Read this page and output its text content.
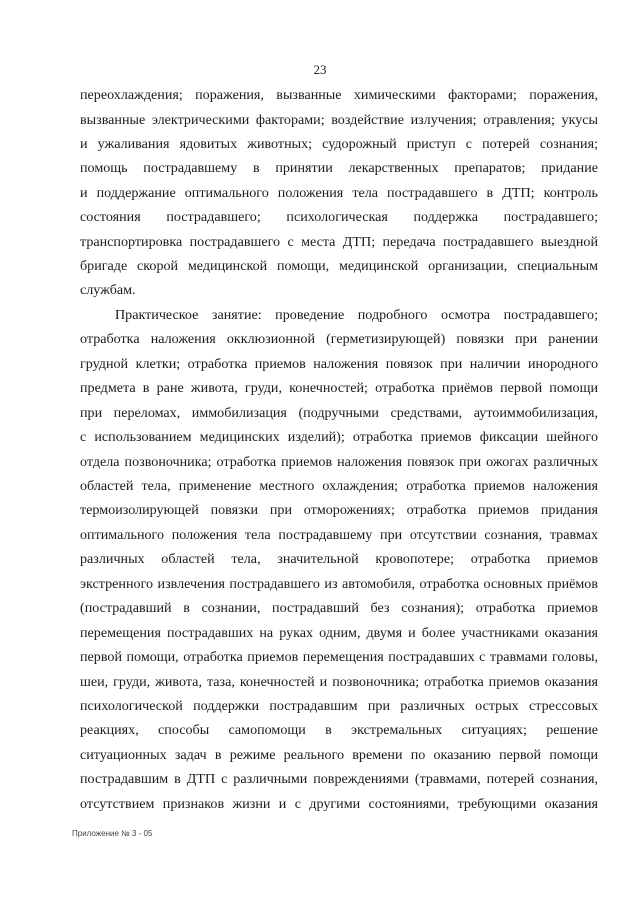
23
переохлаждения; поражения, вызванные химическими факторами; поражения,
вызванные электрическими факторами; воздействие излучения; отравления; укусы
и ужаливания ядовитых животных; судорожный приступ с потерей сознания;
помощь пострадавшему в принятии лекарственных препаратов; придание
и поддержание оптимального положения тела пострадавшего в ДТП; контроль
состояния пострадавшего; психологическая поддержка пострадавшего;
транспортировка пострадавшего с места ДТП; передача пострадавшего выездной
бригаде скорой медицинской помощи, медицинской организации, специальным
службам.
Практическое занятие: проведение подробного осмотра пострадавшего;
отработка наложения окклюзионной (герметизирующей) повязки при ранении
грудной клетки; отработка приемов наложения повязок при наличии инородного
предмета в ране живота, груди, конечностей; отработка приёмов первой помощи
при переломах, иммобилизация (подручными средствами, аутоиммобилизация,
с использованием медицинских изделий); отработка приемов фиксации шейного
отдела позвоночника; отработка приемов наложения повязок при ожогах различных
областей тела, применение местного охлаждения; отработка приемов наложения
термоизолирующей повязки при отморожениях; отработка приемов придания
оптимального положения тела пострадавшему при отсутствии сознания, травмах
различных областей тела, значительной кровопотере; отработка приемов
экстренного извлечения пострадавшего из автомобиля, отработка основных приёмов
(пострадавший в сознании, пострадавший без сознания); отработка приемов
перемещения пострадавших на руках одним, двумя и более участниками оказания
первой помощи, отработка приемов перемещения пострадавших с травмами головы,
шеи, груди, живота, таза, конечностей и позвоночника; отработка приемов оказания
психологической поддержки пострадавшим при различных острых стрессовых
реакциях, способы самопомощи в экстремальных ситуациях; решение
ситуационных задач в режиме реального времени по оказанию первой помощи
пострадавшим в ДТП с различными повреждениями (травмами, потерей сознания,
отсутствием признаков жизни и с другими состояниями, требующими оказания
Приложение № 3 - 05
